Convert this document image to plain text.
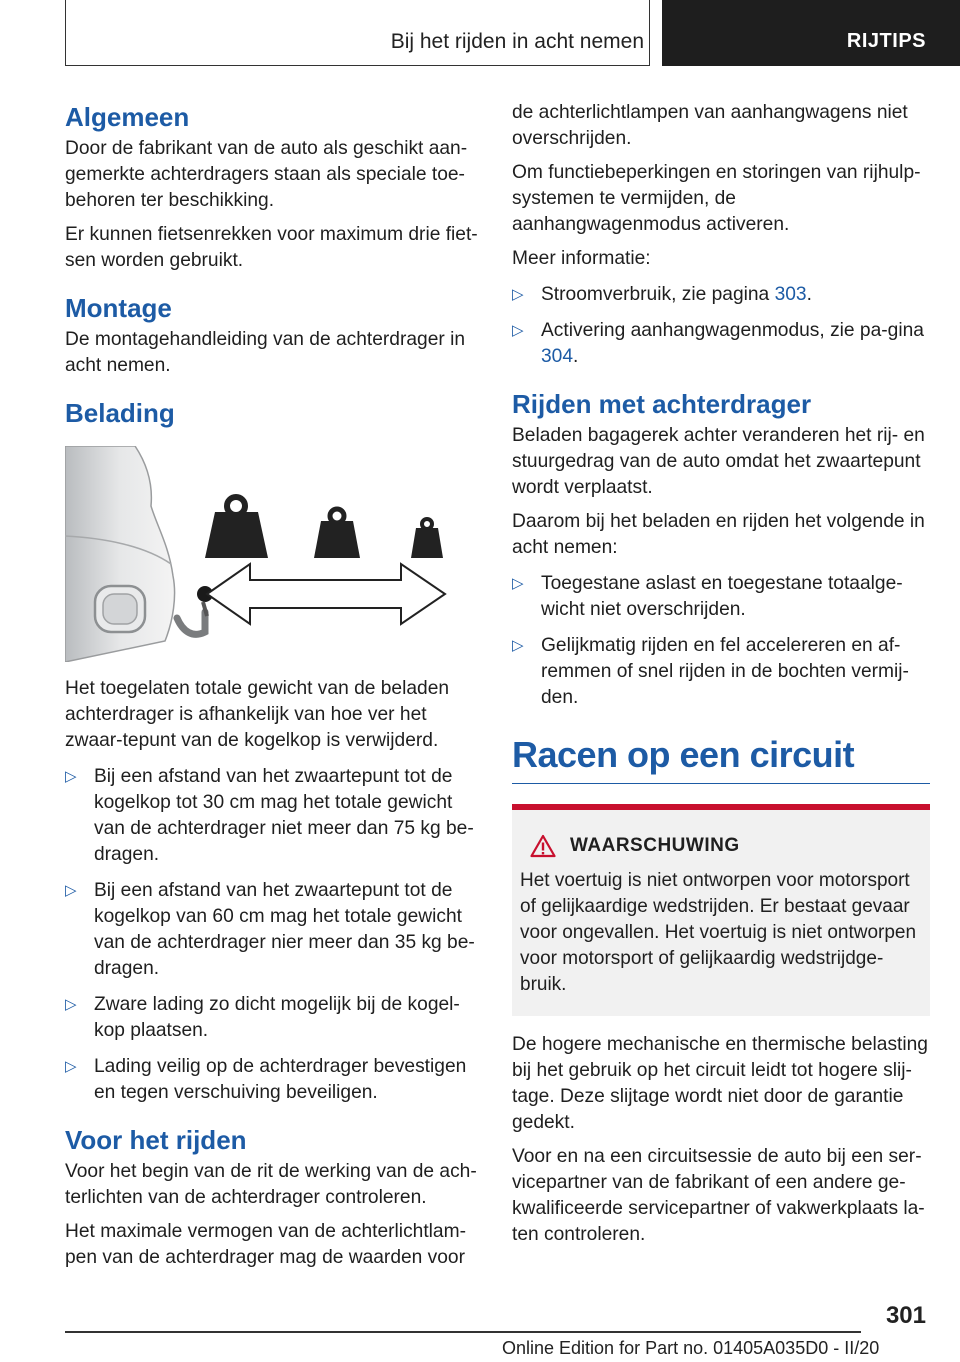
Bij het rijden in acht nemen	RIJTIPS
Algemeen

Door de fabrikant van de auto als geschikt aan-gemerkte achterdragers staan als speciale toe-behoren ter beschikking.

Er kunnen fietsenrekken voor maximum drie fiet-sen worden gebruikt.

Montage

De montagehandleiding van de achterdrager in acht nemen.

Belading

Het toegelaten totale gewicht van de beladen achterdrager is afhankelijk van hoe ver het zwaar-tepunt van de kogelkop is verwijderd.

▷ Bij een afstand van het zwaartepunt tot de kogelkop tot 30 cm mag het totale gewicht van de achterdrager niet meer dan 75 kg be-dragen.
▷ Bij een afstand van het zwaartepunt tot de kogelkop van 60 cm mag het totale gewicht van de achterdrager nier meer dan 35 kg be-dragen.
▷ Zware lading zo dicht mogelijk bij de kogel-kop plaatsen.
▷ Lading veilig op de achterdrager bevestigen en tegen verschuiving beveiligen.
Voor het rijden

Voor het begin van de rit de werking van de ach-terlichten van de achterdrager controleren.

Het maximale vermogen van de achterlichtlam-pen van de achterdrager mag de waarden voor

de achterlichtlampen van aanhangwagens niet overschrijden.

Om functiebeperkingen en storingen van rijhulp-systemen te vermijden, de aanhangwagenmodus activeren.

Meer informatie:

▷ Stroomverbruik, zie pagina 303.
▷ Activering aanhangwagenmodus, zie pa-gina 304.
Rijden met achterdrager

Beladen bagagerek achter veranderen het rij- en stuurgedrag van de auto omdat het zwaartepunt wordt verplaatst.

Daarom bij het beladen en rijden het volgende in acht nemen:

▷ Toegestane aslast en toegestane totaalge-wicht niet overschrijden.
▷ Gelijkmatig rijden en fel accelereren en af-remmen of snel rijden in de bochten vermij-den.
Racen op een circuit
WAARSCHUWING

Het voertuig is niet ontworpen voor motorsport of gelijkaardige wedstrijden. Er bestaat gevaar voor ongevallen. Het voertuig is niet ontworpen voor motorsport of gelijkaardig wedstrijdge-bruik.

De hogere mechanische en thermische belasting bij het gebruik op het circuit leidt tot hogere slij-tage. Deze slijtage wordt niet door de garantie gedekt.

Voor en na een circuitsessie de auto bij een ser-vicepartner van de fabrikant of een andere ge-kwalificeerde servicepartner of vakwerkplaats la-ten controleren.

301
Online Edition for Part no. 01405A035D0 - II/20
